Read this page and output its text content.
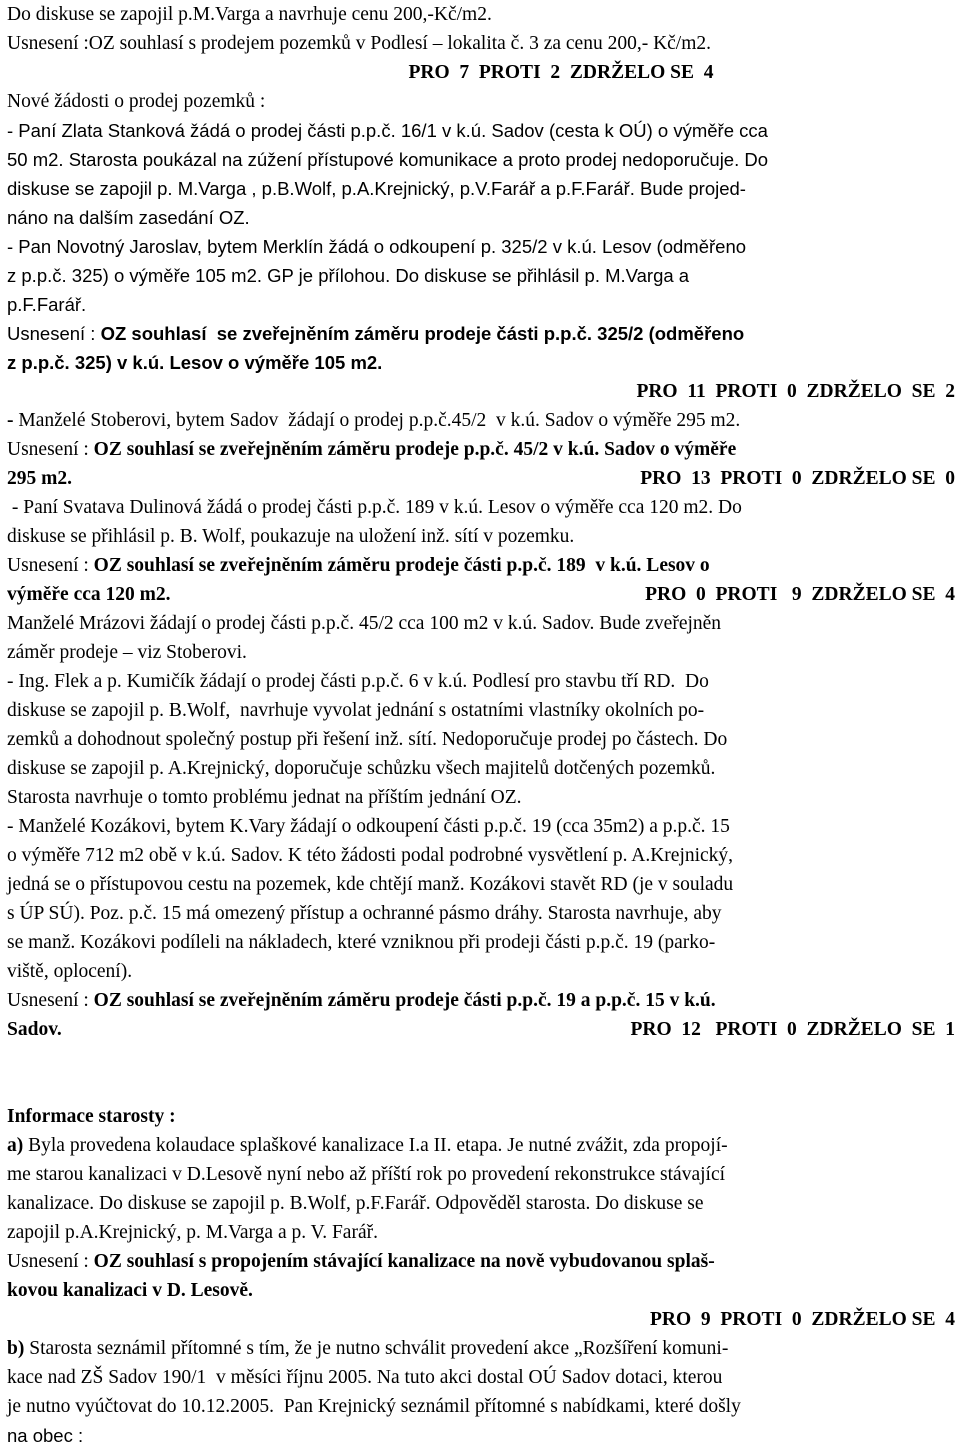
Do diskuse se zapojil p.M.Varga a navrhuje cenu 200,-Kč/m2.
Usnesení :OZ souhlasí s prodejem pozemků v Podlesí – lokalita č. 3 za cenu 200,- Kč/m2.
PRO  7  PROTI  2  ZDRŽELO SE  4
Nové žádosti o prodej pozemků :
- Paní Zlata Stanková žádá o prodej části p.p.č. 16/1 v k.ú. Sadov (cesta k OÚ) o výměře cca
50 m2. Starosta poukázal na zúžení přístupové komunikace a proto prodej nedoporučuje. Do
diskuse se zapojil p. M.Varga , p.B.Wolf, p.A.Krejnický, p.V.Farář a p.F.Farář. Bude projed-
náno na dalším zasedání OZ.
- Pan Novotný Jaroslav, bytem Merklín žádá o odkoupení p. 325/2 v k.ú. Lesov (odměřeno
z p.p.č. 325) o výměře 105 m2. GP je přílohou. Do diskuse se přihlásil p. M.Varga a
p.F.Farář.
Usnesení : OZ souhlasí  se zveřejněním záměru prodeje části p.p.č. 325/2 (odměřeno
z p.p.č. 325) v k.ú. Lesov o výměře 105 m2.
PRO  11  PROTI  0  ZDRŽELO  SE  2
- Manželé Stoberovi, bytem Sadov  žádají o prodej p.p.č.45/2  v k.ú. Sadov o výměře 295 m2.
Usnesení : OZ souhlasí se zveřejněním záměru prodeje p.p.č. 45/2 v k.ú. Sadov o výměře
295 m2.	PRO  13  PROTI  0  ZDRŽELO SE  0
- Paní Svatava Dulinová žádá o prodej části p.p.č. 189 v k.ú. Lesov o výměře cca 120 m2. Do
diskuse se přihlásil p. B. Wolf, poukazuje na uložení inž. sítí v pozemku.
Usnesení : OZ souhlasí se zveřejněním záměru prodeje části p.p.č. 189  v k.ú. Lesov o
výměře cca 120 m2.	PRO  0  PROTI   9  ZDRŽELO SE  4
Manželé Mrázovi žádají o prodej části p.p.č. 45/2 cca 100 m2 v k.ú. Sadov. Bude zveřejněn
záměr prodeje – viz Stoberovi.
- Ing. Flek a p. Kumičík žádají o prodej části p.p.č. 6 v k.ú. Podlesí pro stavbu tří RD.  Do
diskuse se zapojil p. B.Wolf,  navrhuje vyvolat jednání s ostatními vlastníky okolních po-
zemků a dohodnout společný postup při řešení inž. sítí. Nedoporučuje prodej po částech. Do
diskuse se zapojil p. A.Krejnický, doporučuje schůzku všech majitelů dotčených pozemků.
Starosta navrhuje o tomto problému jednat na příštím jednání OZ.
- Manželé Kozákovi, bytem K.Vary žádají o odkoupení části p.p.č. 19 (cca 35m2) a p.p.č. 15
o výměře 712 m2 obě v k.ú. Sadov. K této žádosti podal podrobné vysvětlení p. A.Krejnický,
jedná se o přístupovou cestu na pozemek, kde chtějí manž. Kozákovi stavět RD (je v souladu
s ÚP SÚ). Poz. p.č. 15 má omezený přístup a ochranné pásmo dráhy. Starosta navrhuje, aby
se manž. Kozákovi podíleli na nákladech, které vzniknou při prodeji části p.p.č. 19 (parko-
viště, oplocení).
Usnesení : OZ souhlasí se zveřejněním záměru prodeje části p.p.č. 19 a p.p.č. 15 v k.ú.
Sadov.	PRO  12   PROTI  0  ZDRŽELO  SE  1
Informace starosty :
a) Byla provedena kolaudace splaškové kanalizace I.a II. etapa. Je nutné zvážit, zda propojí-
me starou kanalizaci v D.Lesově nyní nebo až příští rok po provedení rekonstrukce stávající
kanalizace. Do diskuse se zapojil p. B.Wolf, p.F.Farář. Odpověděl starosta. Do diskuse se
zapojil p.A.Krejnický, p. M.Varga a p. V. Farář.
Usnesení : OZ souhlasí s propojením stávající kanalizace na nově vybudovanou splaš-
kovou kanalizaci v D. Lesově.
PRO  9  PROTI  0  ZDRŽELO SE  4
b) Starosta seznámil přítomné s tím, že je nutno schválit provedení akce „Rozšíření komuni-
kace nad ZŠ Sadov 190/1  v měsíci říjnu 2005. Na tuto akci dostal OÚ Sadov dotaci, kterou
je nutno vyúčtovat do 10.12.2005.  Pan Krejnický seznámil přítomné s nabídkami, které došly
na obec :
